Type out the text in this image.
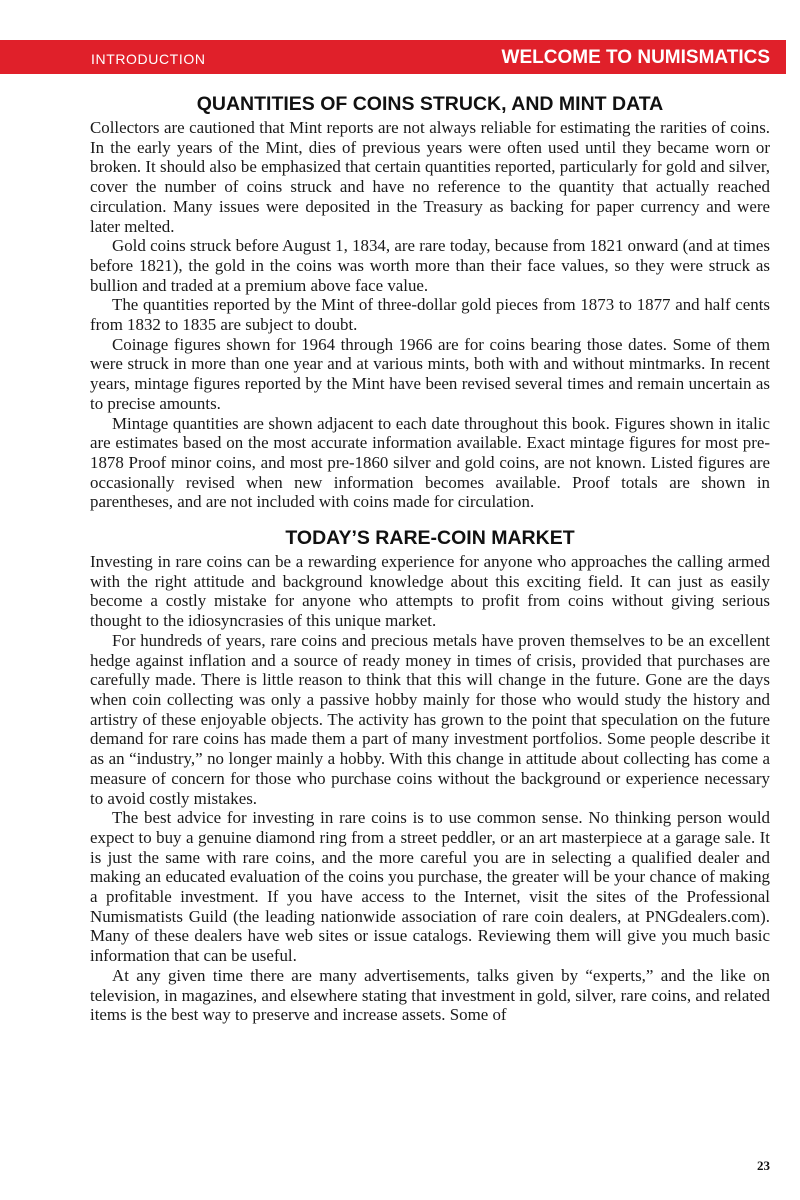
INTRODUCTION	WELCOME TO NUMISMATICS
QUANTITIES OF COINS STRUCK, AND MINT DATA

Collectors are cautioned that Mint reports are not always reliable for estimating the rarities of coins. In the early years of the Mint, dies of previous years were often used until they became worn or broken. It should also be emphasized that certain quantities reported, particularly for gold and silver, cover the number of coins struck and have no reference to the quantity that actually reached circulation. Many issues were deposited in the Treasury as backing for paper currency and were later melted.

Gold coins struck before August 1, 1834, are rare today, because from 1821 onward (and at times before 1821), the gold in the coins was worth more than their face values, so they were struck as bullion and traded at a premium above face value.

The quantities reported by the Mint of three-dollar gold pieces from 1873 to 1877 and half cents from 1832 to 1835 are subject to doubt.

Coinage figures shown for 1964 through 1966 are for coins bearing those dates. Some of them were struck in more than one year and at various mints, both with and without mintmarks. In recent years, mintage figures reported by the Mint have been revised several times and remain uncertain as to precise amounts.

Mintage quantities are shown adjacent to each date throughout this book. Figures shown in italic are estimates based on the most accurate information available. Exact mintage figures for most pre-1878 Proof minor coins, and most pre-1860 silver and gold coins, are not known. Listed figures are occasionally revised when new information becomes available. Proof totals are shown in parentheses, and are not included with coins made for circulation.

TODAY’S RARE-COIN MARKET

Investing in rare coins can be a rewarding experience for anyone who approaches the calling armed with the right attitude and background knowledge about this exciting field. It can just as easily become a costly mistake for anyone who attempts to profit from coins without giving serious thought to the idiosyncrasies of this unique market.

For hundreds of years, rare coins and precious metals have proven themselves to be an excellent hedge against inflation and a source of ready money in times of crisis, provided that purchases are carefully made. There is little reason to think that this will change in the future. Gone are the days when coin collecting was only a passive hobby mainly for those who would study the history and artistry of these enjoyable objects. The activity has grown to the point that speculation on the future demand for rare coins has made them a part of many investment portfolios. Some people describe it as an “industry,” no longer mainly a hobby. With this change in attitude about collecting has come a measure of concern for those who purchase coins without the background or experience necessary to avoid costly mistakes.

The best advice for investing in rare coins is to use common sense. No thinking person would expect to buy a genuine diamond ring from a street peddler, or an art masterpiece at a garage sale. It is just the same with rare coins, and the more careful you are in selecting a qualified dealer and making an educated evaluation of the coins you purchase, the greater will be your chance of making a profitable investment. If you have access to the Internet, visit the sites of the Professional Numismatists Guild (the leading nationwide association of rare coin dealers, at PNGdealers.com). Many of these dealers have web sites or issue catalogs. Reviewing them will give you much basic information that can be useful.

At any given time there are many advertisements, talks given by “experts,” and the like on television, in magazines, and elsewhere stating that investment in gold, silver, rare coins, and related items is the best way to preserve and increase assets. Some of

23
